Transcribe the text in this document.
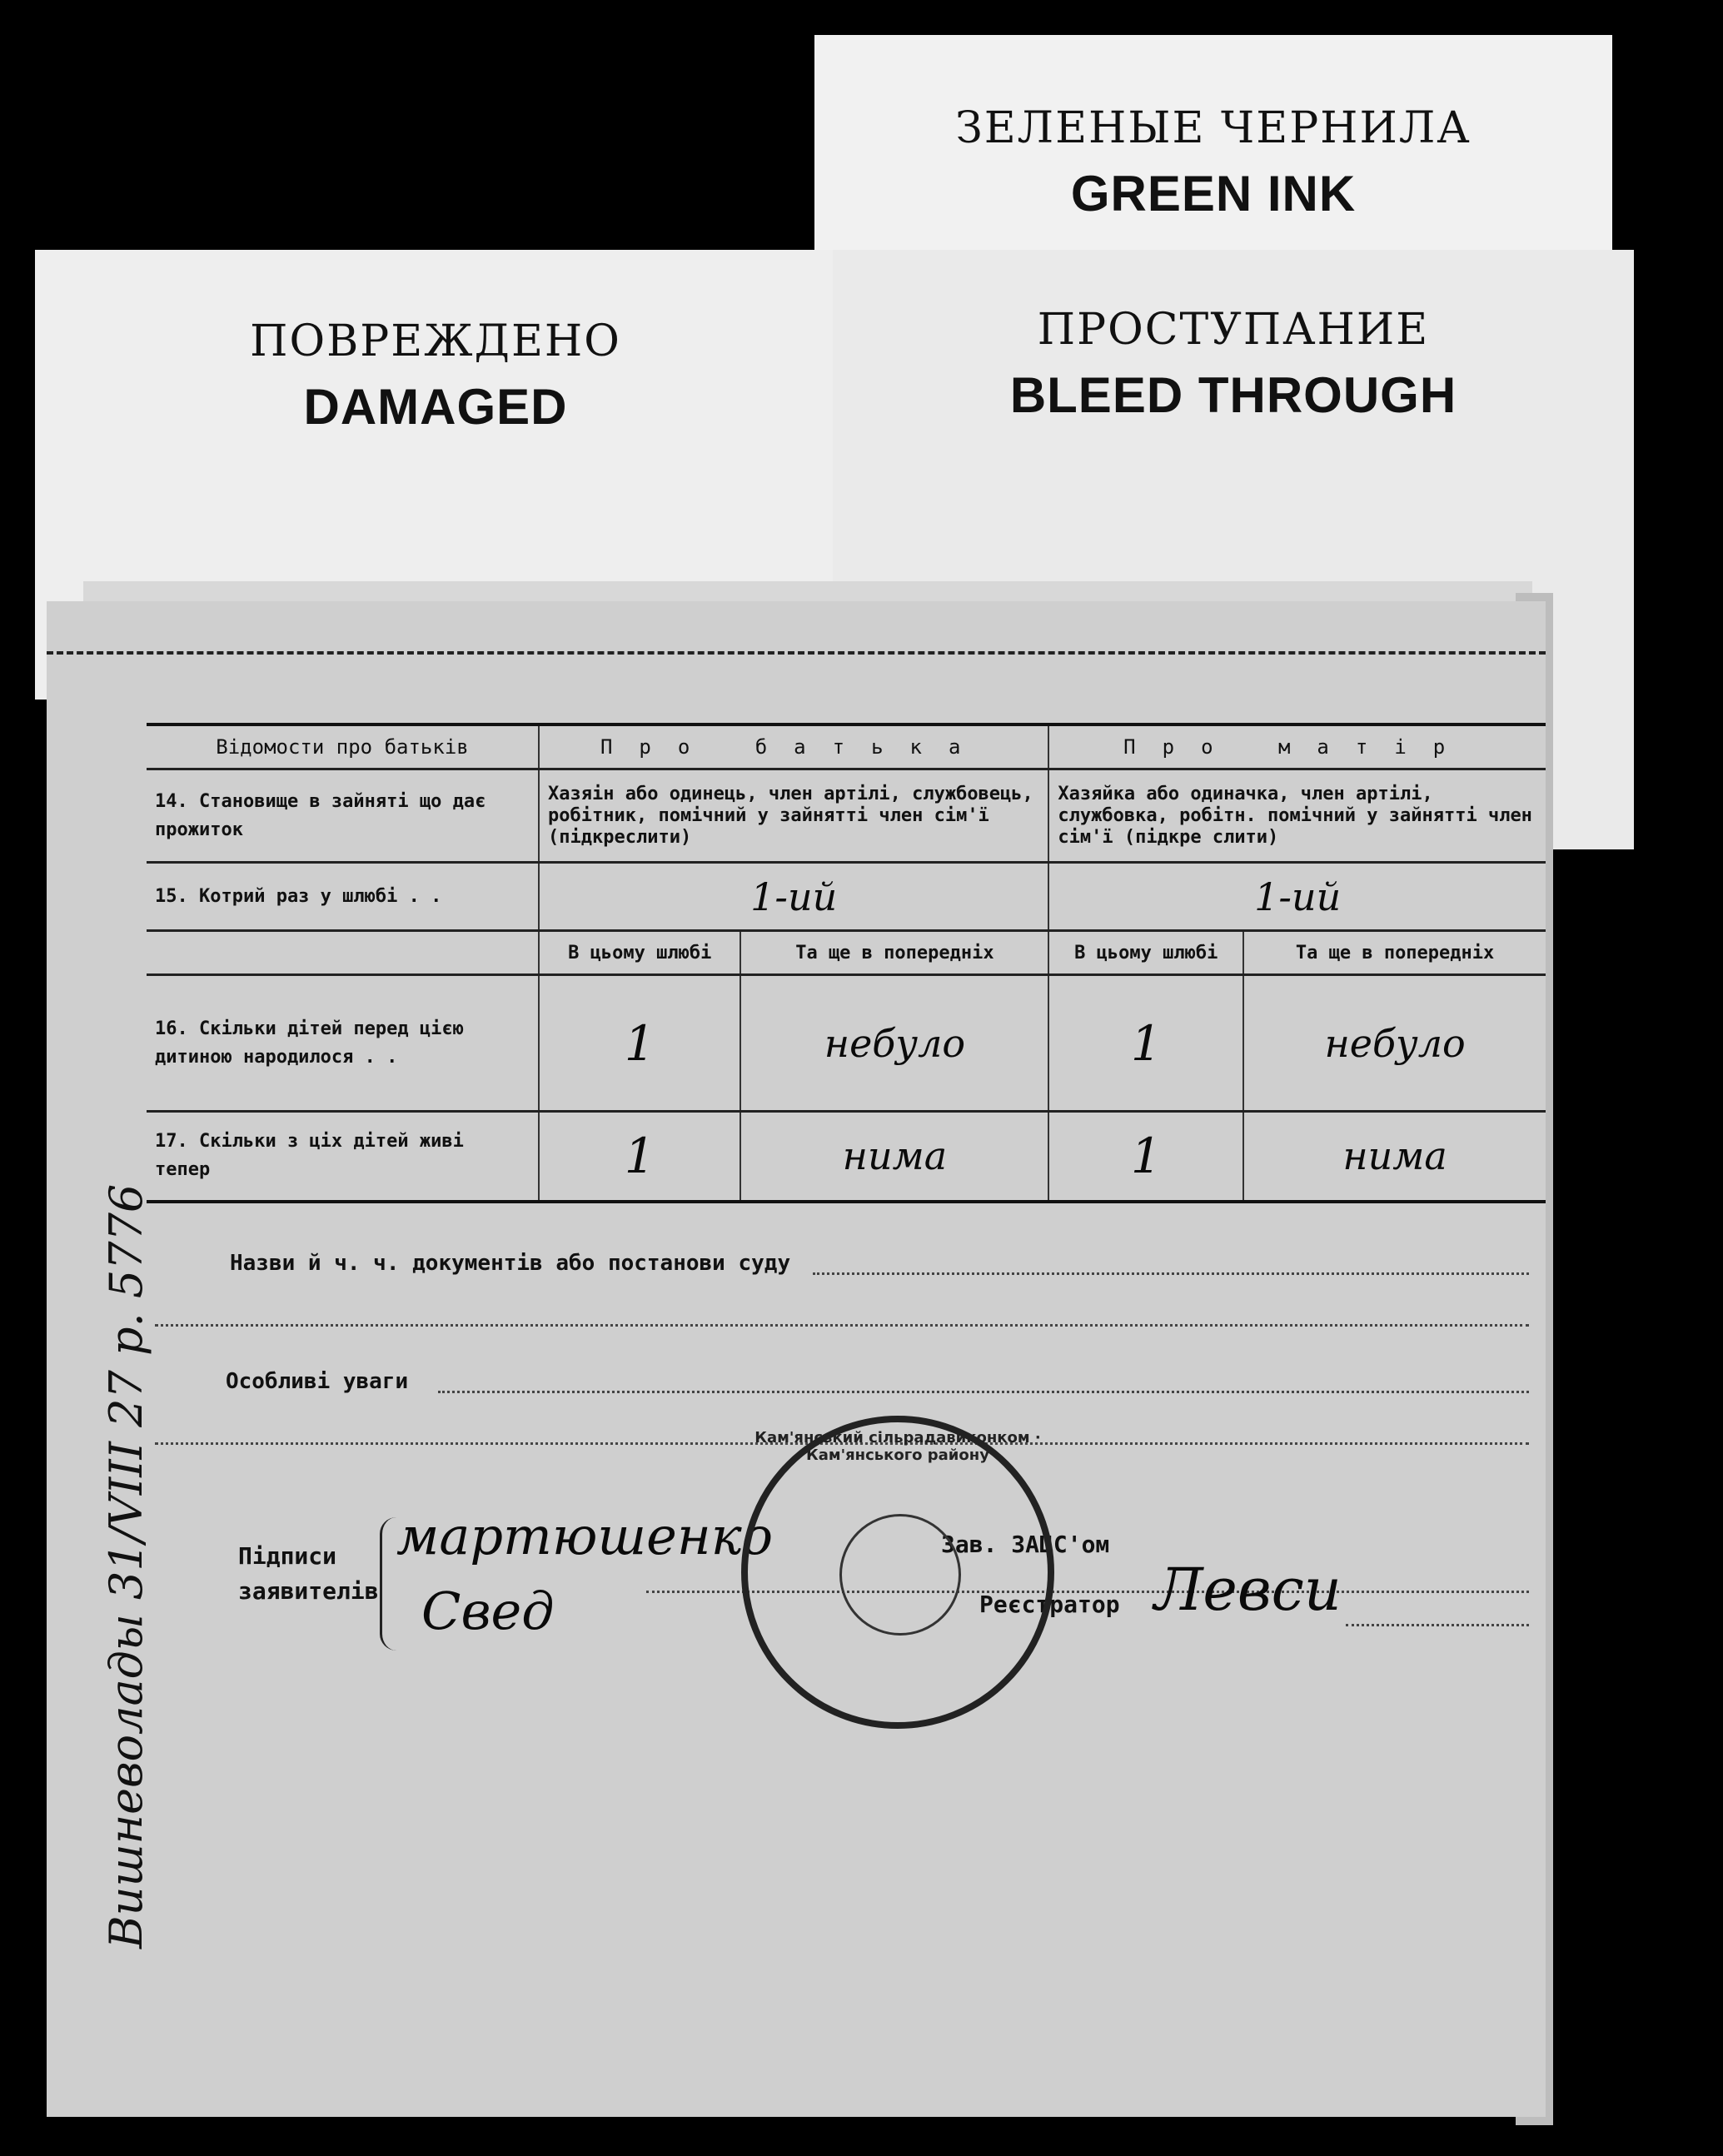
ЗЕЛЕНЫЕ ЧЕРНИЛА
GREEN INK
ПОВРЕЖДЕНО
DAMAGED
ПРОСТУПАНИЕ
BLEED THROUGH
Відомости про батьків	Про батька		Про матір	
14. Становище в зайняті що дає прожиток	Хазяін або одинець, член артілі, службовець, робітник, помічний у зайнятті член сім'ї (підкреслити)		Хазяйка або одиначка, член артілі, службовка, робітн. помічний у зайнятті член сім'ї (підкре слити)	
15. Котрий раз у шлюбі . .	1-ий		1-ий	
	В цьому шлюбі	Та ще в попередніх	В цьому шлюбі	Та ще в попередніх
16. Скільки дітей перед цією дитиною народилося . .	1	небуло	1	небуло
17. Скільки з ціх дітей живі тепер	1	нима	1	нима
Назви й ч. ч. документів або постанови суду
Особливі уваги
Підписи заявителів
мартюшенко
Свед
Зав. ЗАЦС'ом
Реєстратор Левси
Кам'янський сільрадавиконком · Кам'янського району
Вишневолады 31/VIII 27 р. 5776
